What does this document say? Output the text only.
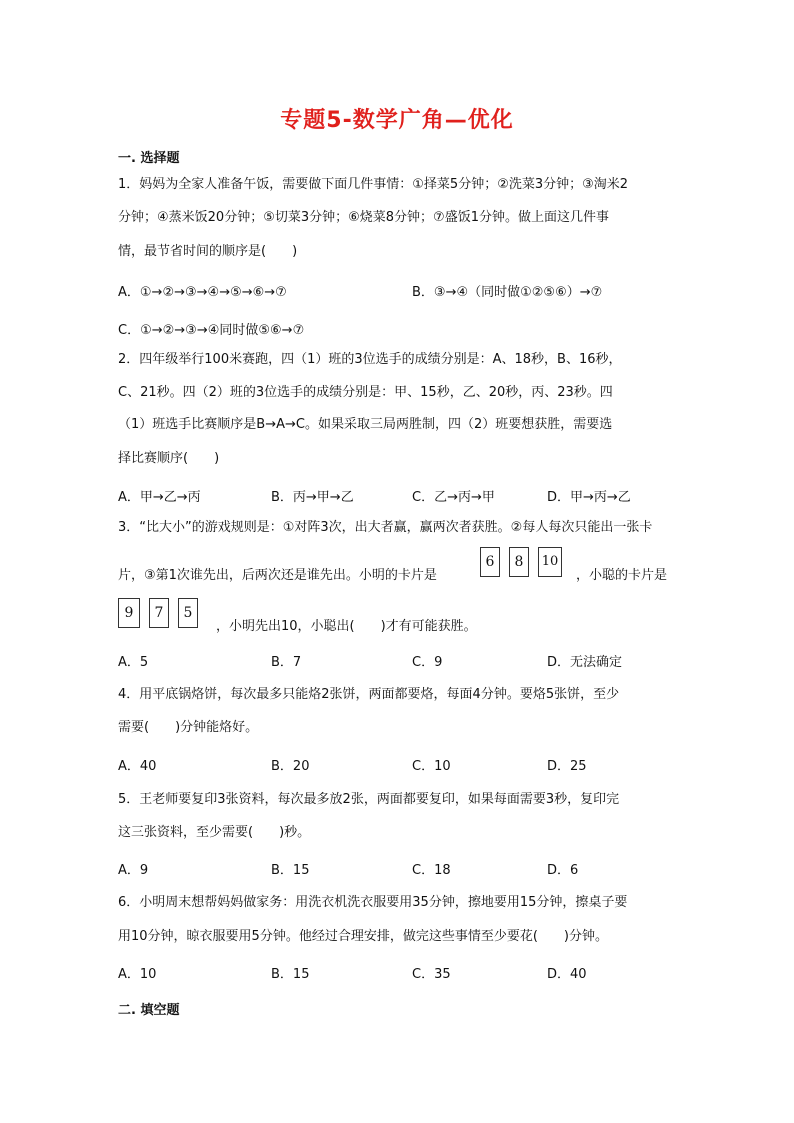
专题5-数学广角—优化
一. 选择题
1．妈妈为全家人准备午饭，需要做下面几件事情：①择菜5分钟；②洗菜3分钟；③淘米2
分钟；④蒸米饭20分钟；⑤切菜3分钟；⑥烧菜8分钟；⑦盛饭1分钟。做上面这几件事
情，最节省时间的顺序是(　　)
A．①→②→③→④→⑤→⑥→⑦	B．③→④（同时做①②⑤⑥）→⑦
C．①→②→③→④同时做⑤⑥→⑦
2．四年级举行100米赛跑，四（1）班的3位选手的成绩分别是：A、18秒，B、16秒，
C、21秒。四（2）班的3位选手的成绩分别是：甲、15秒，乙、20秒，丙、23秒。四
（1）班选手比赛顺序是B→A→C。如果采取三局两胜制，四（2）班要想获胜，需要选
择比赛顺序(　　)
A．甲→乙→丙	B．丙→甲→乙	C．乙→丙→甲	D．甲→丙→乙
3．“比大小”的游戏规则是：①对阵3次，出大者赢，赢两次者获胜。②每人每次只能出一张卡
片，③第1次谁先出，后两次还是谁先出。小明的卡片是
6 8 10
，小聪的卡片是
9 7 5
，小明先出10，小聪出(　　)才有可能获胜。
A．5	B．7	C．9	D．无法确定
4．用平底锅烙饼，每次最多只能烙2张饼，两面都要烙，每面4分钟。要烙5张饼，至少
需要(　　)分钟能烙好。
A．40	B．20	C．10	D．25
5．王老师要复印3张资料，每次最多放2张，两面都要复印，如果每面需要3秒，复印完
这三张资料，至少需要(　　)秒。
A．9	B．15	C．18	D．6
6．小明周末想帮妈妈做家务：用洗衣机洗衣服要用35分钟，擦地要用15分钟，擦桌子要
用10分钟，晾衣服要用5分钟。他经过合理安排，做完这些事情至少要花(　　)分钟。
A．10	B．15	C．35	D．40
二. 填空题
